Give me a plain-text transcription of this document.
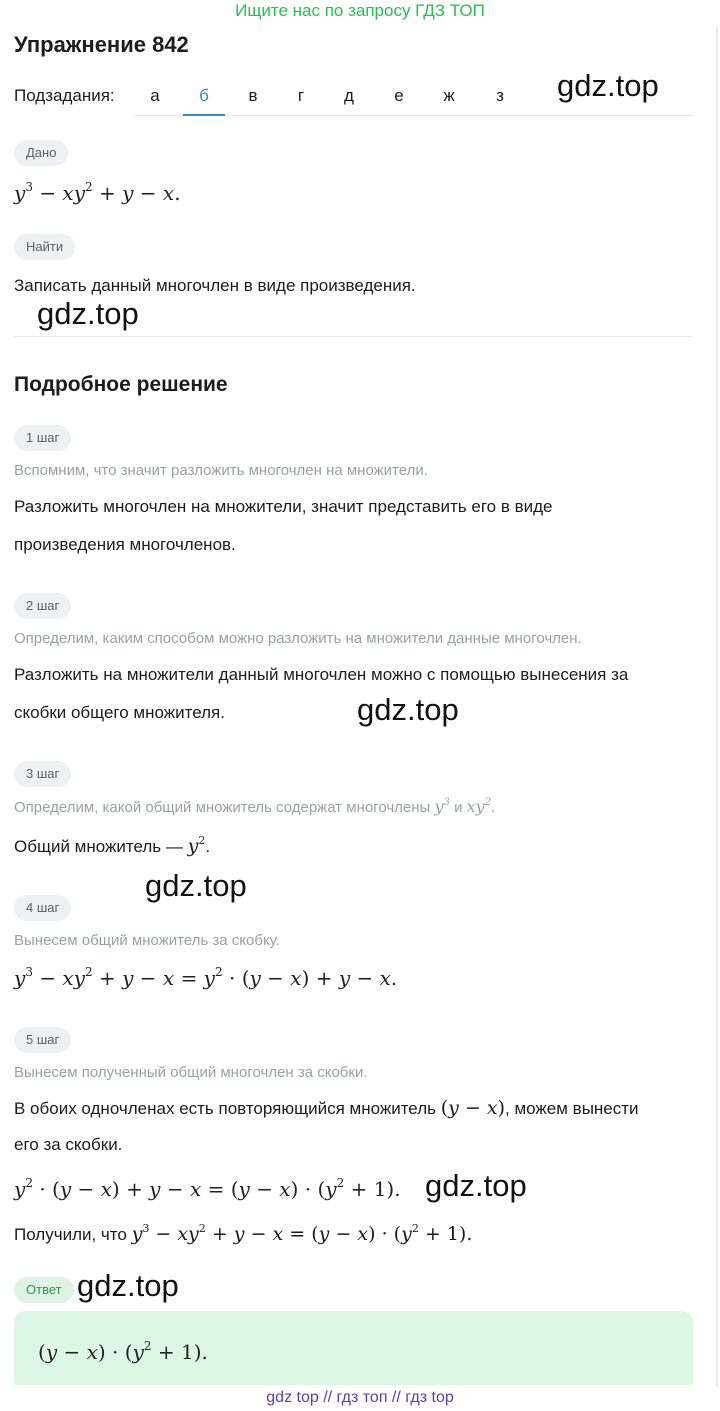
Ищите нас по запросу ГДЗ ТОП
Упражнение 842
Подзадания:	а	б	в	г	д	е	ж	з	gdz.top
Дано
$y^3 - xy^2 + y - x$.
Найти
Записать данный многочлен в виде произведения.
gdz.top
Подробное решение
1 шаг
Вспомним, что значит разложить многочлен на множители.
Разложить многочлен на множители, значит представить его в виде
произведения многочленов.
2 шаг
Определим, каким способом можно разложить на множители данные многочлен.
Разложить на множители данный многочлен можно с помощью вынесения за
скобки общего множителя.	gdz.top
3 шаг
Определим, какой общий множитель содержат многочлены $y^3$ и $xy^2$.
Общий множитель — $y^2$.
gdz.top
4 шаг
Вынесем общий множитель за скобку.
$y^3 - xy^2 + y - x = y^2 \cdot (y - x) + y - x$.
5 шаг
Вынесем полученный общий многочлен за скобки.
В обоих одночленах есть повторяющийся множитель (y − x), можем вынести
его за скобки.
$y^2 \cdot (y - x) + y - x = (y - x) \cdot (y^2 + 1)$. gdz.top
Получили, что $y^3 - xy^2 + y - x = (y - x) \cdot (y^2 + 1)$.
Ответ gdz.top
$(y - x) \cdot (y^2 + 1)$.
gdz top // гдз топ // гдз top
